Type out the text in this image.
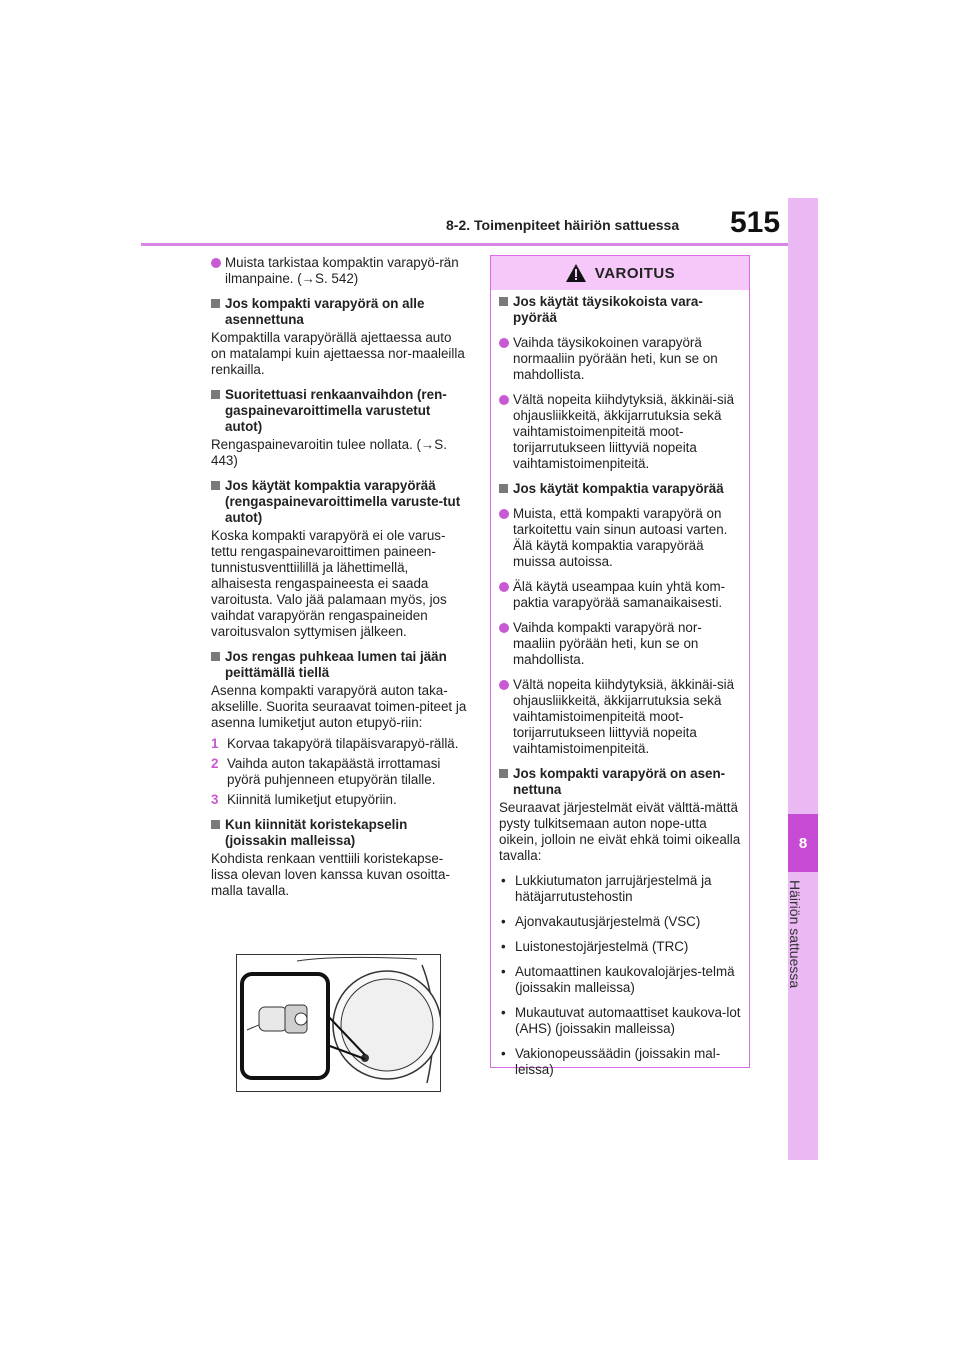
8-2. Toimenpiteet häiriön sattuessa 515
8
Häiriön sattuessa
Muista tarkistaa kompaktin varapyö-rän ilmanpaine. (→S. 542)
Jos kompakti varapyörä on alle asennettuna
Kompaktilla varapyörällä ajettaessa auto on matalampi kuin ajettaessa nor-maaleilla renkailla.
Suoritettuasi renkaanvaihdon (ren-gaspainevaroittimella varustetut autot)
Rengaspainevaroitin tulee nollata. (→S. 443)
Jos käytät kompaktia varapyörää (rengaspainevaroittimella varuste-tut autot)
Koska kompakti varapyörä ei ole varus-tettu rengaspainevaroittimen paineen-tunnistusventtiilillä ja lähettimellä, alhaisesta rengaspaineesta ei saada varoitusta. Valo jää palamaan myös, jos vaihdat varapyörän rengaspaineiden varoitusvalon syttymisen jälkeen.
Jos rengas puhkeaa lumen tai jään peittämällä tiellä
Asenna kompakti varapyörä auton taka-akselille. Suorita seuraavat toimen-piteet ja asenna lumiketjut auton etupyö-riin:
1 Korvaa takapyörä tilapäisvarapyö-rällä.
2 Vaihda auton takapäästä irrottamasi pyörä puhjenneen etupyörän tilalle.
3 Kiinnitä lumiketjut etupyöriin.
Kun kiinnität koristekapselin (joissakin malleissa)
Kohdista renkaan venttiili koristekapse-lissa olevan loven kanssa kuvan osoitta-malla tavalla.
VAROITUS
Jos käytät täysikokoista vara-pyörää
Vaihda täysikokoinen varapyörä normaaliin pyörään heti, kun se on mahdollista.
Vältä nopeita kiihdytyksiä, äkkinäi-siä ohjausliikkeitä, äkkijarrutuksia sekä vaihtamistoimenpiteitä moot-torijarrutukseen liittyviä nopeita vaihtamistoimenpiteitä.
Jos käytät kompaktia varapyörää
Muista, että kompakti varapyörä on tarkoitettu vain sinun autoasi varten. Älä käytä kompaktia varapyörää muissa autoissa.
Älä käytä useampaa kuin yhtä kom-paktia varapyörää samanaikaisesti.
Vaihda kompakti varapyörä nor-maaliin pyörään heti, kun se on mahdollista.
Vältä nopeita kiihdytyksiä, äkkinäi-siä ohjausliikkeitä, äkkijarrutuksia sekä vaihtamistoimenpiteitä moot-torijarrutukseen liittyviä nopeita vaihtamistoimenpiteitä.
Jos kompakti varapyörä on asen-nettuna
Seuraavat järjestelmät eivät välttä-mättä pysty tulkitsemaan auton nope-utta oikein, jolloin ne eivät ehkä toimi oikealla tavalla:
• Lukkiutumaton jarrujärjestelmä ja hätäjarrutustehostin
• Ajonvakautusjärjestelmä (VSC)
• Luistonestojärjestelmä (TRC)
• Automaattinen kaukovalojärjes-telmä (joissakin malleissa)
• Mukautuvat automaattiset kaukova-lot (AHS) (joissakin malleissa)
• Vakionopeussäädin (joissakin mal-leissa)
